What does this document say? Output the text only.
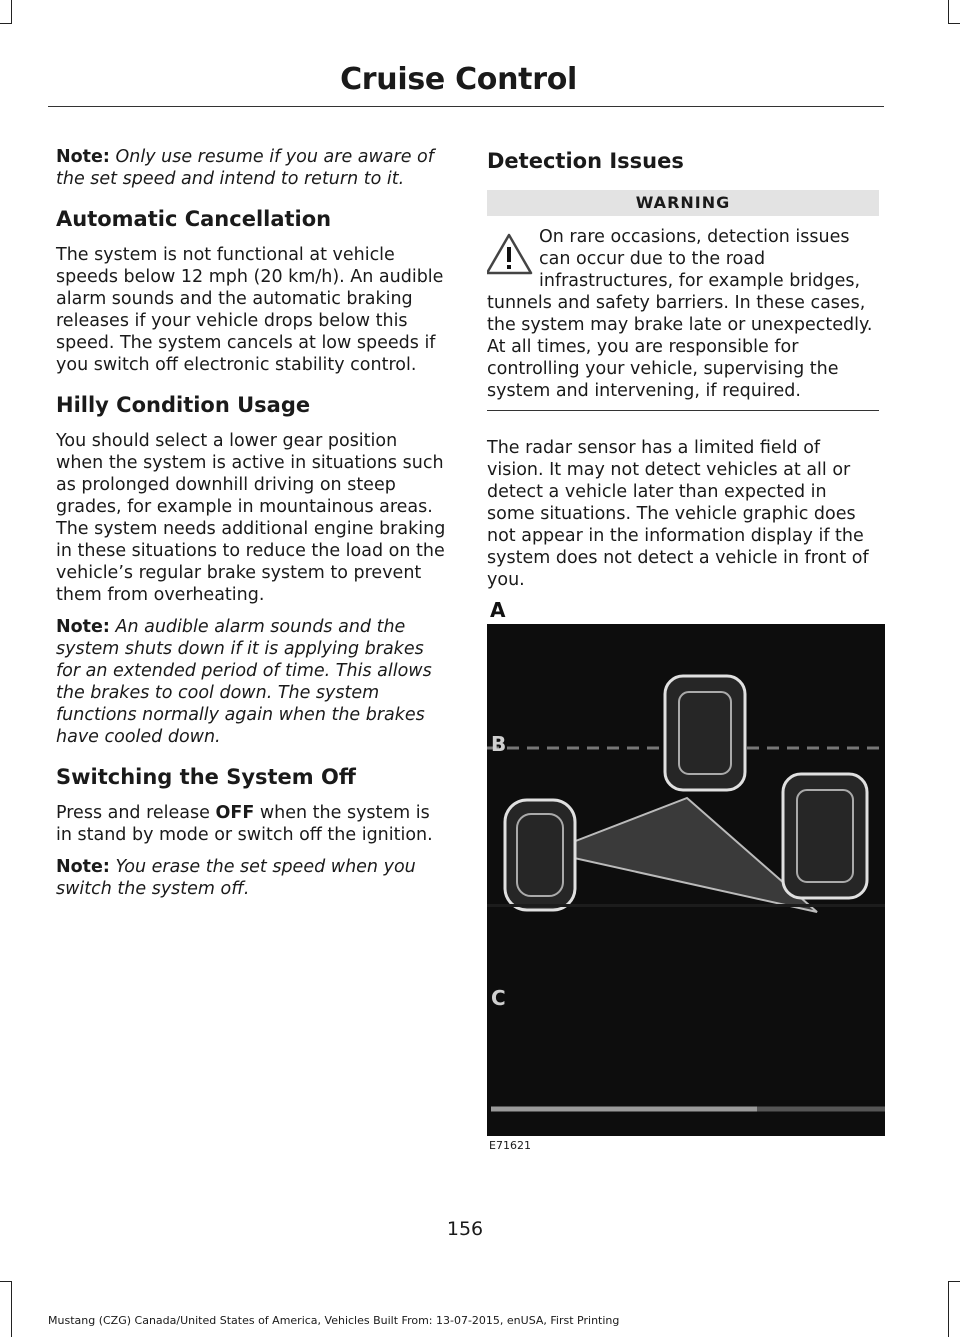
Cruise Control

Note: Only use resume if you are aware of the set speed and intend to return to it.

Automatic Cancellation

The system is not functional at vehicle speeds below 12 mph (20 km/h). An audible alarm sounds and the automatic braking releases if your vehicle drops below this speed. The system cancels at low speeds if you switch off electronic stability control.

Hilly Condition Usage

You should select a lower gear position when the system is active in situations such as prolonged downhill driving on steep grades, for example in mountainous areas. The system needs additional engine braking in these situations to reduce the load on the vehicle’s regular brake system to prevent them from overheating.

Note: An audible alarm sounds and the system shuts down if it is applying brakes for an extended period of time. This allows the brakes to cool down. The system functions normally again when the brakes have cooled down.

Switching the System Off

Press and release OFF when the system is in stand by mode or switch off the ignition.

Note: You erase the set speed when you switch the system off.

Detection Issues
WARNING
On rare occasions, detection issues can occur due to the road infrastructures, for example bridges, tunnels and safety barriers. In these cases, the system may brake late or unexpectedly. At all times, you are responsible for controlling your vehicle, supervising the system and intervening, if required.

The radar sensor has a limited field of vision. It may not detect vehicles at all or detect a vehicle later than expected in some situations. The vehicle graphic does not appear in the information display if the system does not detect a vehicle in front of you.

A
B
C
E71621
156
Mustang (CZG) Canada/United States of America, Vehicles Built From: 13-07-2015, enUSA, First Printing
